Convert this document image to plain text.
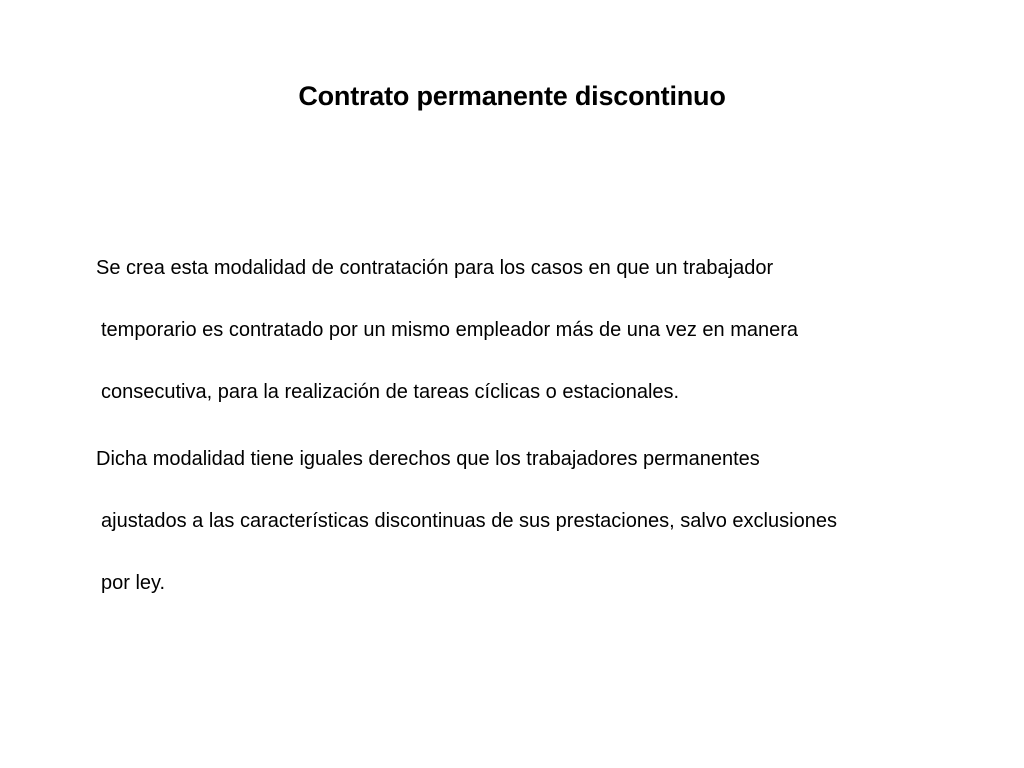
Contrato permanente discontinuo
Se crea esta modalidad de contratación para los casos en que un trabajador
temporario es contratado por un mismo empleador más de una vez en manera
consecutiva, para la realización de tareas cíclicas o estacionales.
Dicha modalidad tiene iguales derechos que los trabajadores permanentes
ajustados a las características discontinuas de sus prestaciones, salvo exclusiones
por ley.
